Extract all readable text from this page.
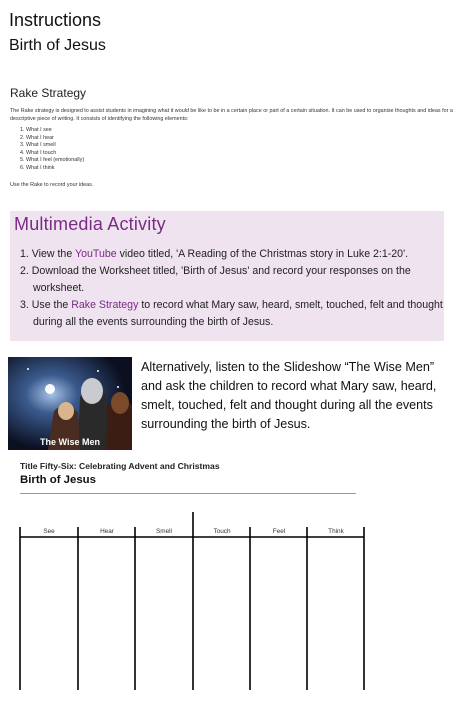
Instructions
Birth of Jesus
Rake Strategy
The Rake strategy is designed to assist students in imagining what it would be like to be in a certain place or part of a certain situation. It can be used to organise thoughts and ideas for a descriptive piece of writing. It consists of identifying the following elements:
1. What I see
2. What I hear
3. What I smell
4. What I touch
5. What I feel (emotionally)
6. What I think
Use the Rake to record your ideas.
Multimedia Activity
1. View the YouTube video titled, 'A Reading of the Christmas story in Luke 2:1-20'.
2. Download the Worksheet titled, 'Birth of Jesus' and record your responses on the worksheet.
3. Use the Rake Strategy to record what Mary saw, heard, smelt, touched, felt and thought during all the events surrounding the birth of Jesus.
The Wise Men
Alternatively, listen to the Slideshow “The Wise Men” and ask the children to record what Mary saw, heard, smelt, touched, felt and thought during all the events surrounding the birth of Jesus.
Title Fifty-Six: Celebrating Advent and Christmas
Birth of Jesus
See	Hear	Smell	Touch	Feel	Think
